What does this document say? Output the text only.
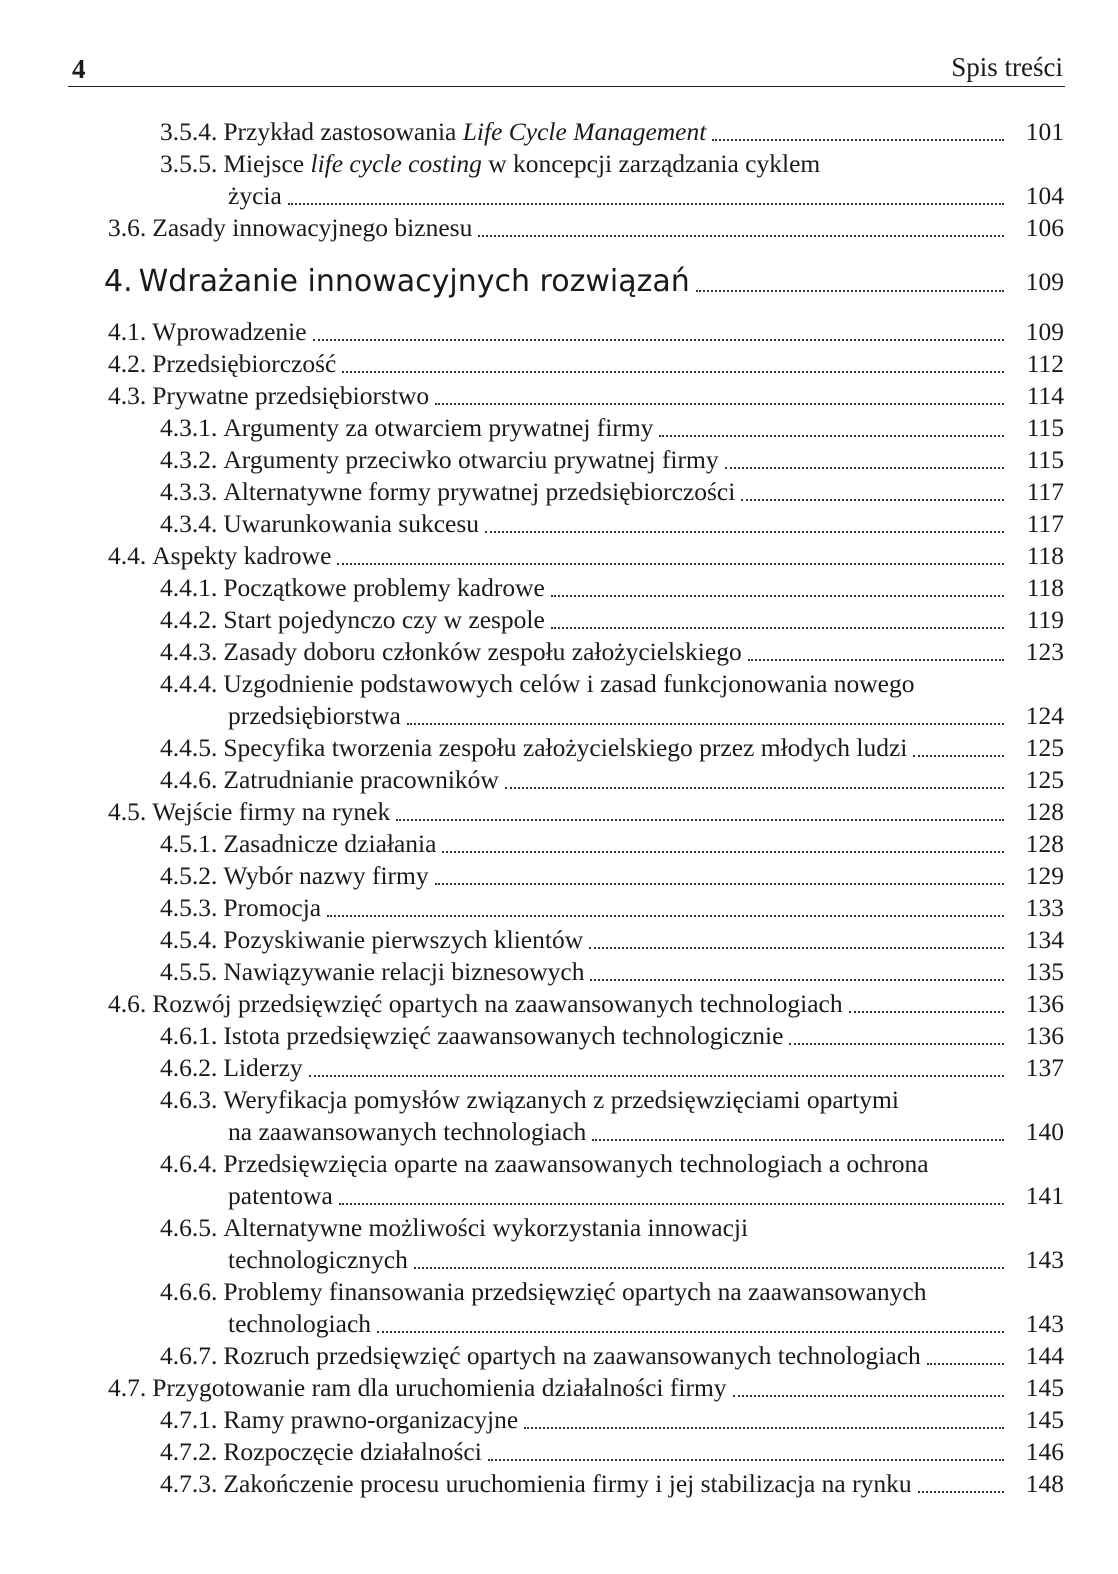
4	Spis treści
3.5.4. Przykład zastosowania Life Cycle Management	101
3.5.5. Miejsce life cycle costing w koncepcji zarządzania cyklem
życia	104
3.6. Zasady innowacyjnego biznesu	106
4. Wdrażanie innowacyjnych rozwiązań	109
4.1. Wprowadzenie	109
4.2. Przedsiębiorczość	112
4.3. Prywatne przedsiębiorstwo	114
4.3.1. Argumenty za otwarciem prywatnej firmy	115
4.3.2. Argumenty przeciwko otwarciu prywatnej firmy	115
4.3.3. Alternatywne formy prywatnej przedsiębiorczości	117
4.3.4. Uwarunkowania sukcesu	117
4.4. Aspekty kadrowe	118
4.4.1. Początkowe problemy kadrowe	118
4.4.2. Start pojedynczo czy w zespole	119
4.4.3. Zasady doboru członków zespołu założycielskiego	123
4.4.4. Uzgodnienie podstawowych celów i zasad funkcjonowania nowego
przedsiębiorstwa	124
4.4.5. Specyfika tworzenia zespołu założycielskiego przez młodych ludzi	125
4.4.6. Zatrudnianie pracowników	125
4.5. Wejście firmy na rynek	128
4.5.1. Zasadnicze działania	128
4.5.2. Wybór nazwy firmy	129
4.5.3. Promocja	133
4.5.4. Pozyskiwanie pierwszych klientów	134
4.5.5. Nawiązywanie relacji biznesowych	135
4.6. Rozwój przedsięwzięć opartych na zaawansowanych technologiach	136
4.6.1. Istota przedsięwzięć zaawansowanych technologicznie	136
4.6.2. Liderzy	137
4.6.3. Weryfikacja pomysłów związanych z przedsięwzięciami opartymi
na zaawansowanych technologiach	140
4.6.4. Przedsięwzięcia oparte na zaawansowanych technologiach a ochrona
patentowa	141
4.6.5. Alternatywne możliwości wykorzystania innowacji
technologicznych	143
4.6.6. Problemy finansowania przedsięwzięć opartych na zaawansowanych
technologiach	143
4.6.7. Rozruch przedsięwzięć opartych na zaawansowanych technologiach	144
4.7. Przygotowanie ram dla uruchomienia działalności firmy	145
4.7.1. Ramy prawno-organizacyjne	145
4.7.2. Rozpoczęcie działalności	146
4.7.3. Zakończenie procesu uruchomienia firmy i jej stabilizacja na rynku	148
